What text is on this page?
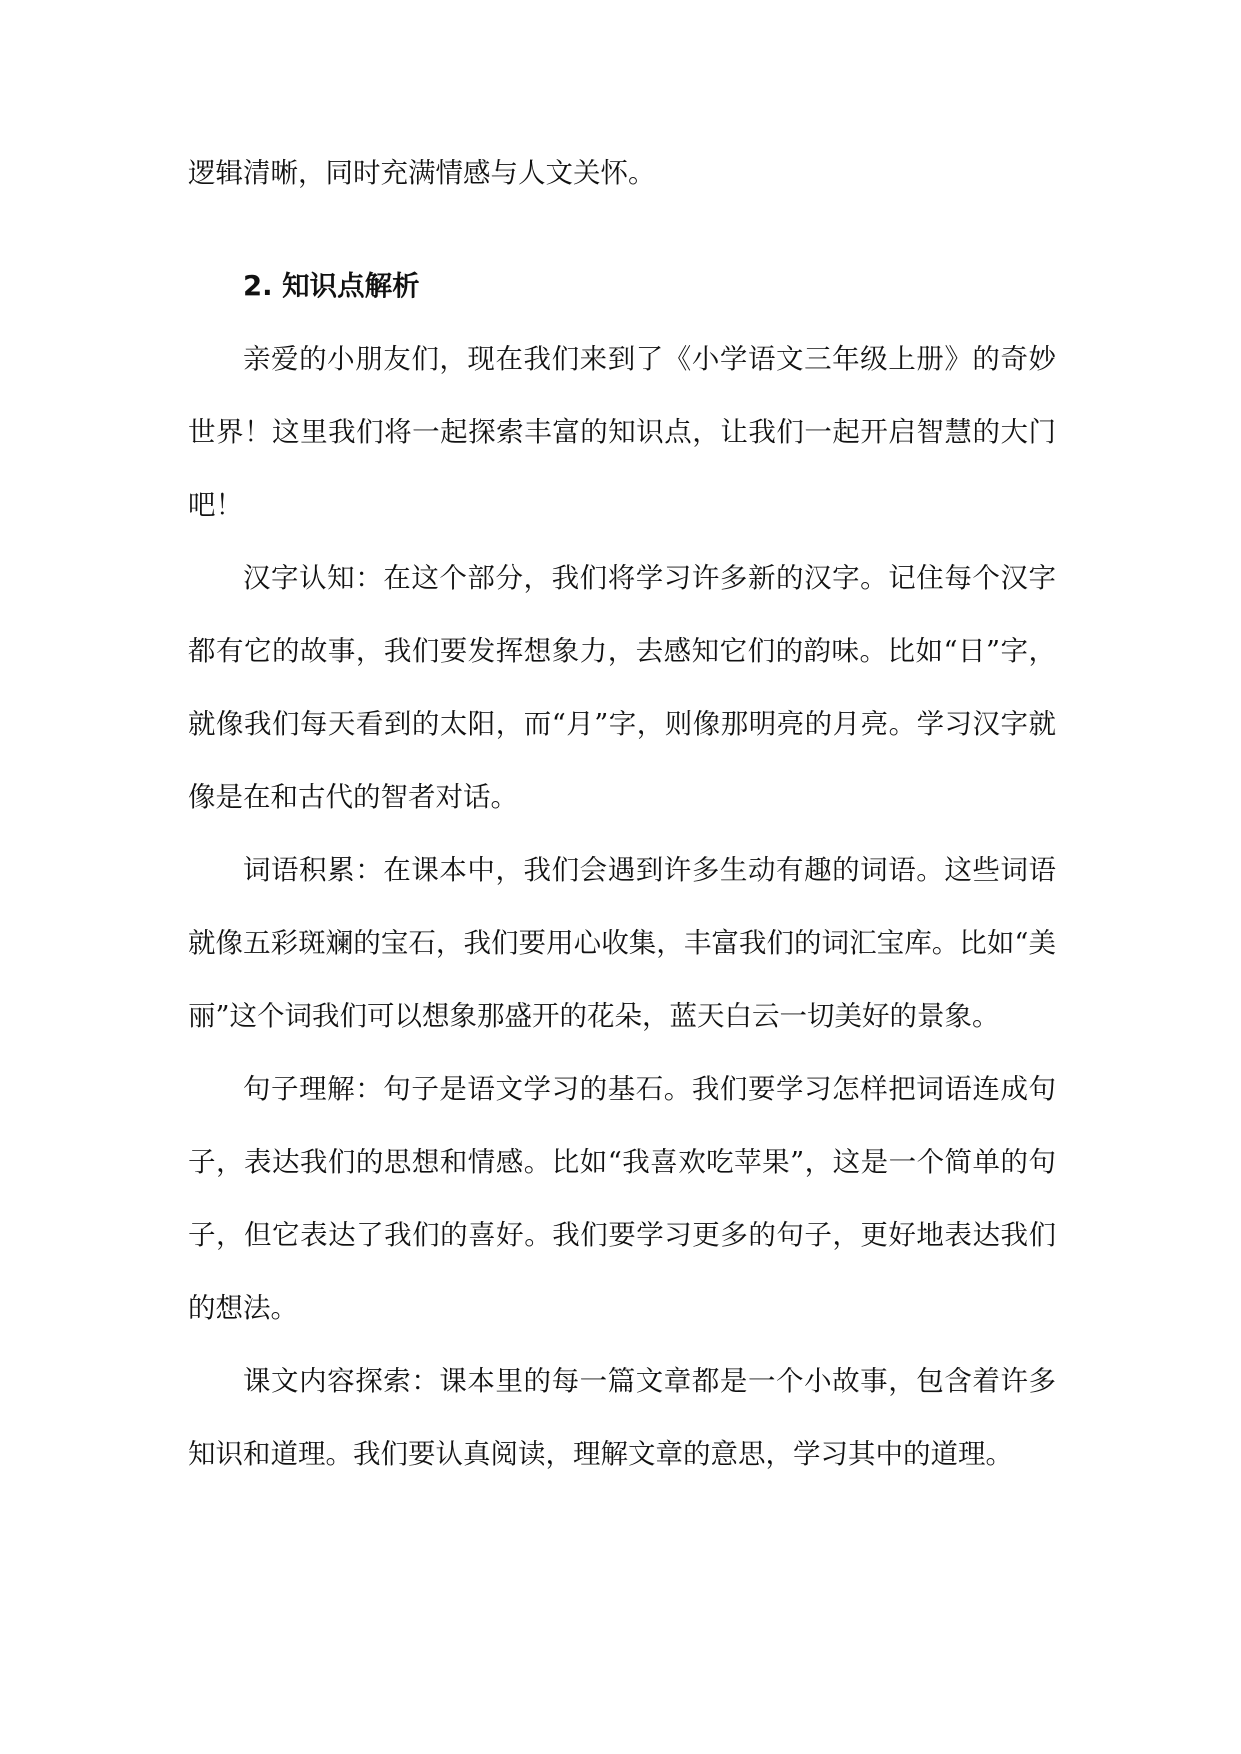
逻辑清晰，同时充满情感与人文关怀。

2. 知识点解析

亲爱的小朋友们，现在我们来到了《小学语文三年级上册》的奇妙世界！这里我们将一起探索丰富的知识点，让我们一起开启智慧的大门吧！

汉字认知：在这个部分，我们将学习许多新的汉字。记住每个汉字都有它的故事，我们要发挥想象力，去感知它们的韵味。比如“日”字，就像我们每天看到的太阳，而“月”字，则像那明亮的月亮。学习汉字就像是在和古代的智者对话。

词语积累：在课本中，我们会遇到许多生动有趣的词语。这些词语就像五彩斑斓的宝石，我们要用心收集，丰富我们的词汇宝库。比如“美丽”这个词我们可以想象那盛开的花朵，蓝天白云一切美好的景象。

句子理解：句子是语文学习的基石。我们要学习怎样把词语连成句子，表达我们的思想和情感。比如“我喜欢吃苹果”，这是一个简单的句子，但它表达了我们的喜好。我们要学习更多的句子，更好地表达我们的想法。

课文内容探索：课本里的每一篇文章都是一个小故事，包含着许多知识和道理。我们要认真阅读，理解文章的意思，学习其中的道理。
